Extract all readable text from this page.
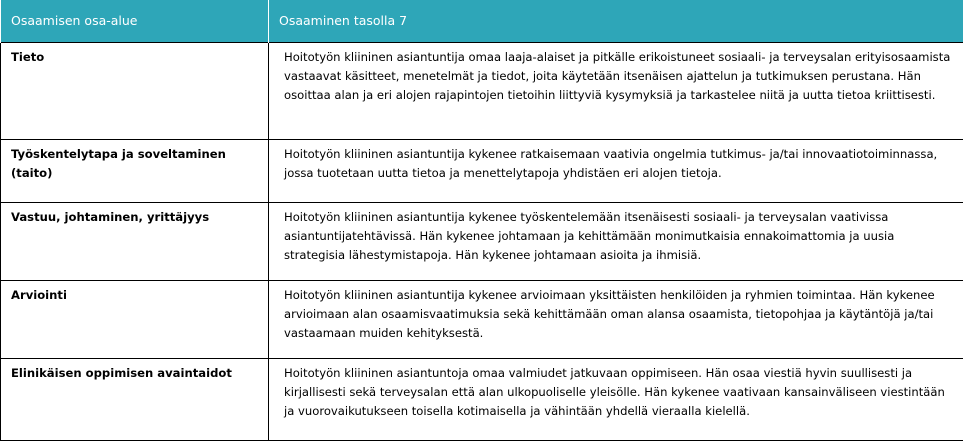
Osaamisen osa-alue	Osaaminen tasolla 7
Tieto	Hoitotyön kliininen asiantuntija omaa laaja-alaiset ja pitkälle erikoistuneet sosiaali- ja terveysalan erityisosaamista vastaavat käsitteet, menetelmät ja tiedot, joita käytetään itsenäisen ajattelun ja tutkimuksen perustana. Hän osoittaa alan ja eri alojen rajapintojen tietoihin liittyviä kysymyksiä ja tarkastelee niitä ja uutta tietoa kriittisesti.
Työskentelytapa ja soveltaminen (taito)	Hoitotyön kliininen asiantuntija kykenee ratkaisemaan vaativia ongelmia tutkimus- ja/tai innovaatiotoiminnassa, jossa tuotetaan uutta tietoa ja menettelytapoja yhdistäen eri alojen tietoja.
Vastuu, johtaminen, yrittäjyys	Hoitotyön kliininen asiantuntija kykenee työskentelemään itsenäisesti sosiaali- ja terveysalan vaativissa asiantuntijatehtävissä. Hän kykenee johtamaan ja kehittämään monimutkaisia ennakoimattomia ja uusia strategisia lähestymistapoja. Hän kykenee johtamaan asioita ja ihmisiä.
Arviointi	Hoitotyön kliininen asiantuntija kykenee arvioimaan yksittäisten henkilöiden ja ryhmien toimintaa. Hän kykenee arvioimaan alan osaamisvaatimuksia sekä kehittämään oman alansa osaamista, tietopohjaa ja käytäntöjä ja/tai vastaamaan muiden kehityksestä.
Elinikäisen oppimisen avaintaidot	Hoitotyön kliininen asiantuntoja omaa valmiudet jatkuvaan oppimiseen. Hän osaa viestiä hyvin suullisesti ja kirjallisesti sekä terveysalan että alan ulkopuoliselle yleisölle. Hän kykenee vaativaan kansainväliseen viestintään ja vuorovaikutukseen toisella kotimaisella ja vähintään yhdellä vieraalla kielellä.
